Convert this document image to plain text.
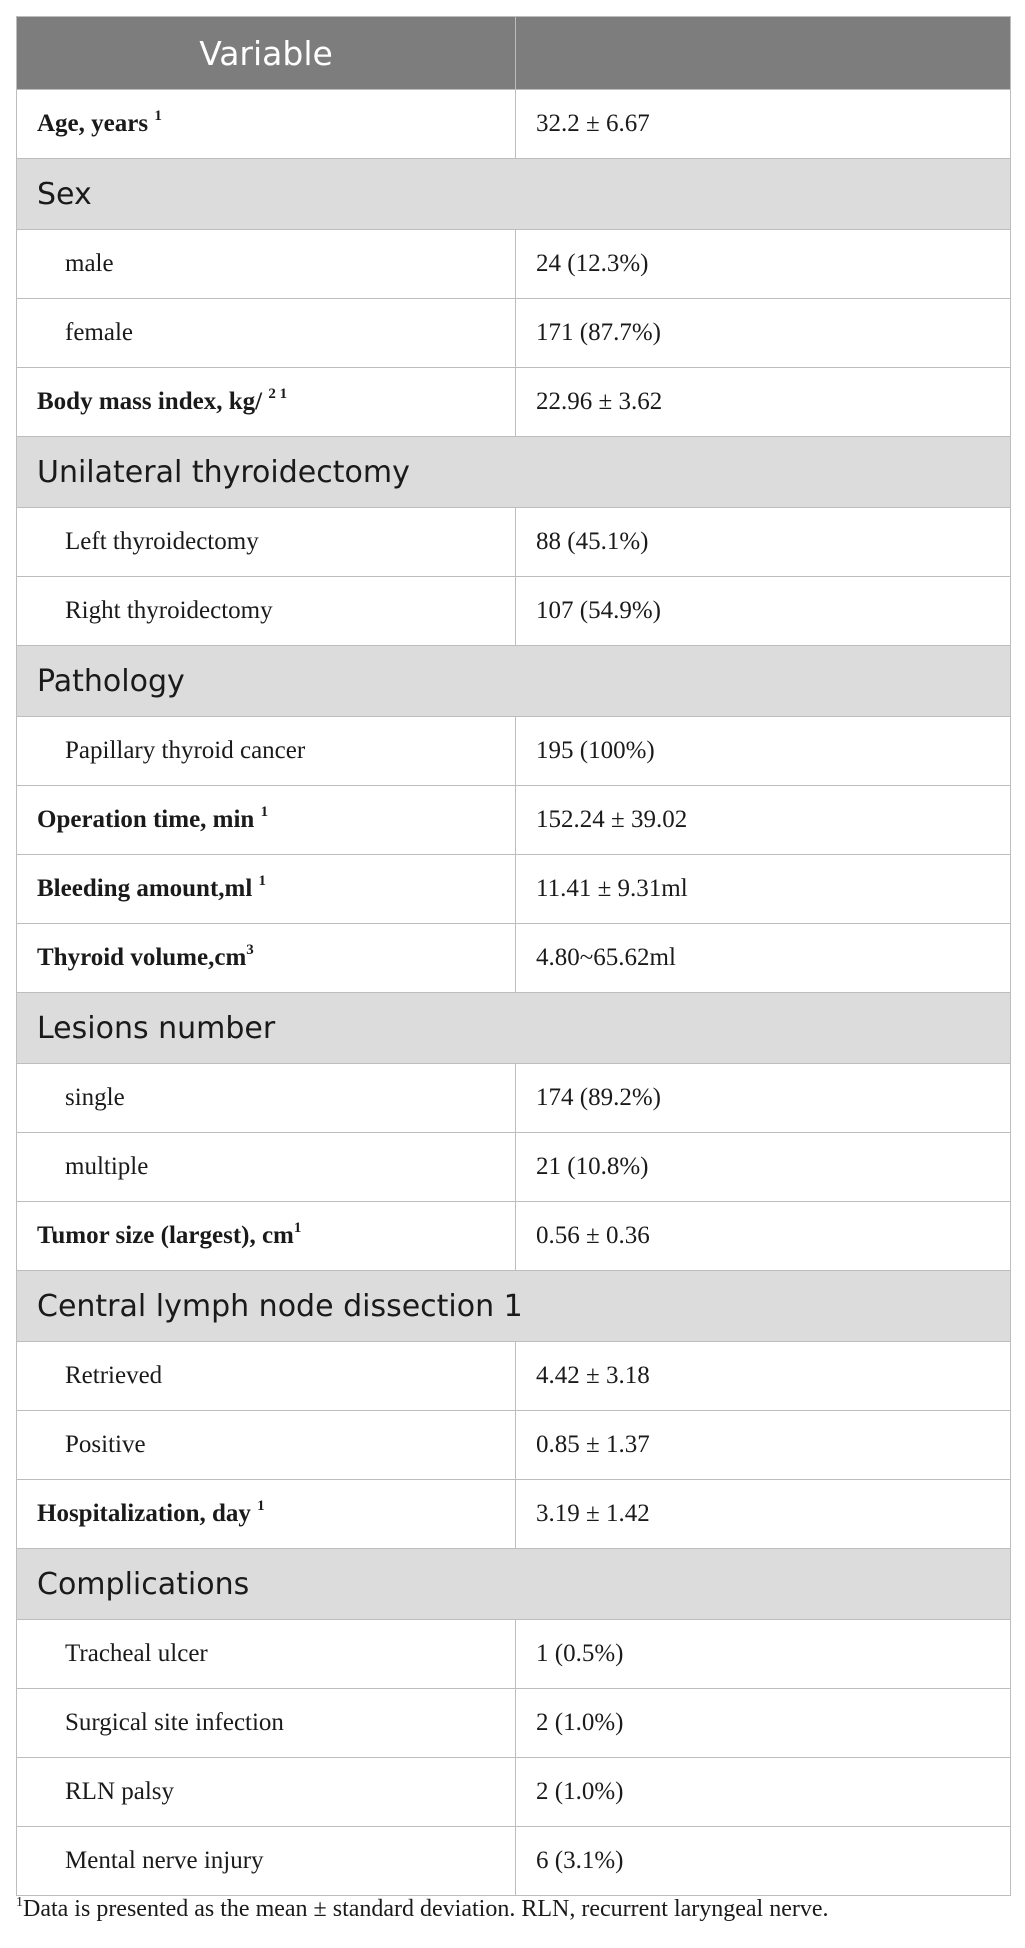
Variable	
Age, years $^1$	32.2 ± 6.67
Sex	
male	24 (12.3%)
female	171 (87.7%)
Body mass index, kg/ $^{2 1}$	22.96 ± 3.62
Unilateral thyroidectomy	
Left thyroidectomy	88 (45.1%)
Right thyroidectomy	107 (54.9%)
Pathology	
Papillary thyroid cancer	195 (100%)
Operation time, min $^1$	152.24 ± 39.02
Bleeding amount,ml $^1$	11.41 ± 9.31ml
Thyroid $volume,cm^3$	4.80~65.62ml
Lesions number	
single	174 (89.2%)
multiple	21 (10.8%)
Tumor size (largest), $cm^1$	0.56 ± 0.36
Central lymph node dissection 1	
Retrieved	4.42 ± 3.18
Positive	0.85 ± 1.37
Hospitalization, day $^1$	3.19 ± 1.42
Complications	
Tracheal ulcer	1 (0.5%)
Surgical site infection	2 (1.0%)
RLN palsy	2 (1.0%)
Mental nerve injury	6 (3.1%)
$^1$Data is presented as the mean ± standard deviation. RLN, recurrent laryngeal nerve.
